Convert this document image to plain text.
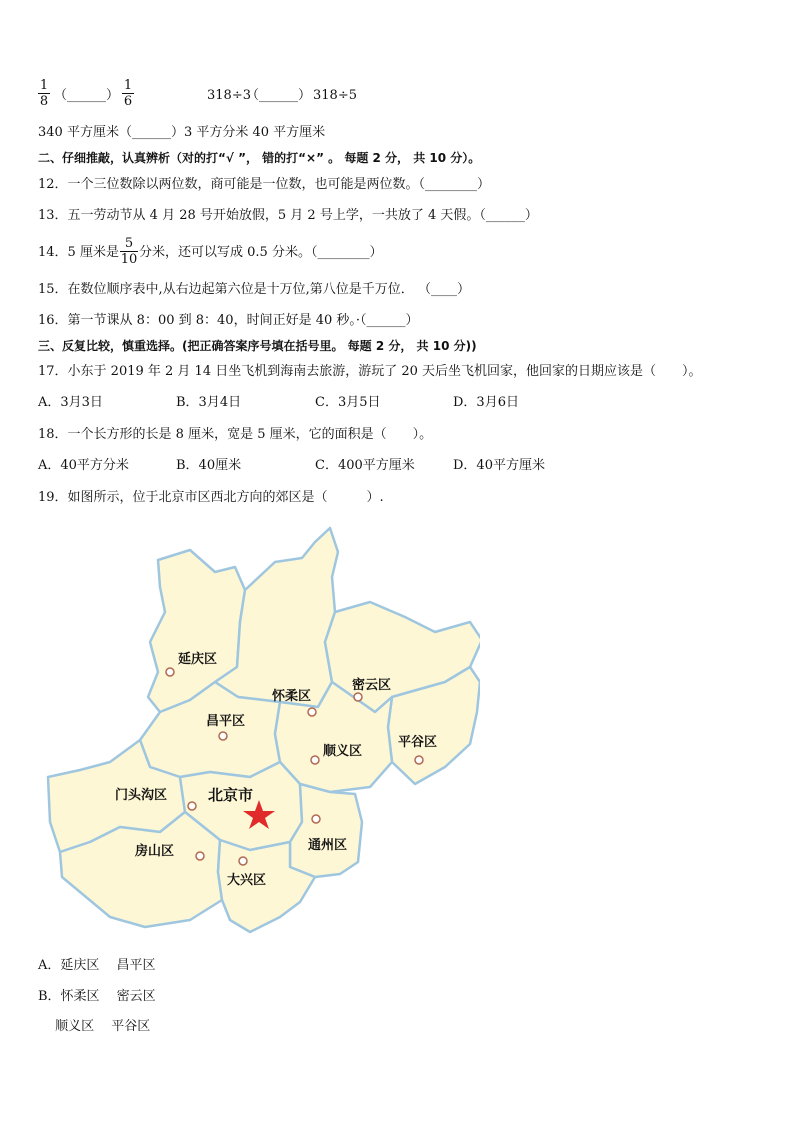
$\frac{1}{8}$ （______） $\frac{1}{6}$	318÷3
（______） 318÷5
340 平方厘米（______）3 平方分米 40 平方厘米
二、仔细推敲，认真辨析（对的打“√ ”， 错的打“×” 。 每题 2 分， 共 10 分）。
12．一个三位数除以两位数，商可能是一位数，也可能是两位数。（________）
13．五一劳动节从 4 月 28 号开始放假，5 月 2 号上学，一共放了 4 天假。（______）
14．5 厘米是 $\frac{5}{10}$ 分米，还可以写成 0.5 分米。（________）
15．在数位顺序表中,从右边起第六位是十万位,第八位是千万位． （____）
16．第一节课从 8：00 到 8：40，时间正好是 40 秒。·（______）
三、反复比较，慎重选择。(把正确答案序号填在括号里。 每题 2 分， 共 10 分))
17．小东于 2019 年 2 月 14 日坐飞机到海南去旅游，游玩了 20 天后坐飞机回家，他回家的日期应该是（　　）。
A．3月3日	B．3月4日	C．3月5日	D．3月6日
18．一个长方形的长是 8 厘米，宽是 5 厘米，它的面积是（　　）。
A．40平方分米	B．40厘米	C．400平方厘米	D．40平方厘米
19．如图所示，位于北京市区西北方向的郊区是（　　　）.
延庆区
怀柔区
密云区
昌平区
顺义区
平谷区
门头沟区	北京市
房山区
大兴区
通州区
A．延庆区　 昌平区
B．怀柔区　 密云区
　 顺义区　 平谷区
